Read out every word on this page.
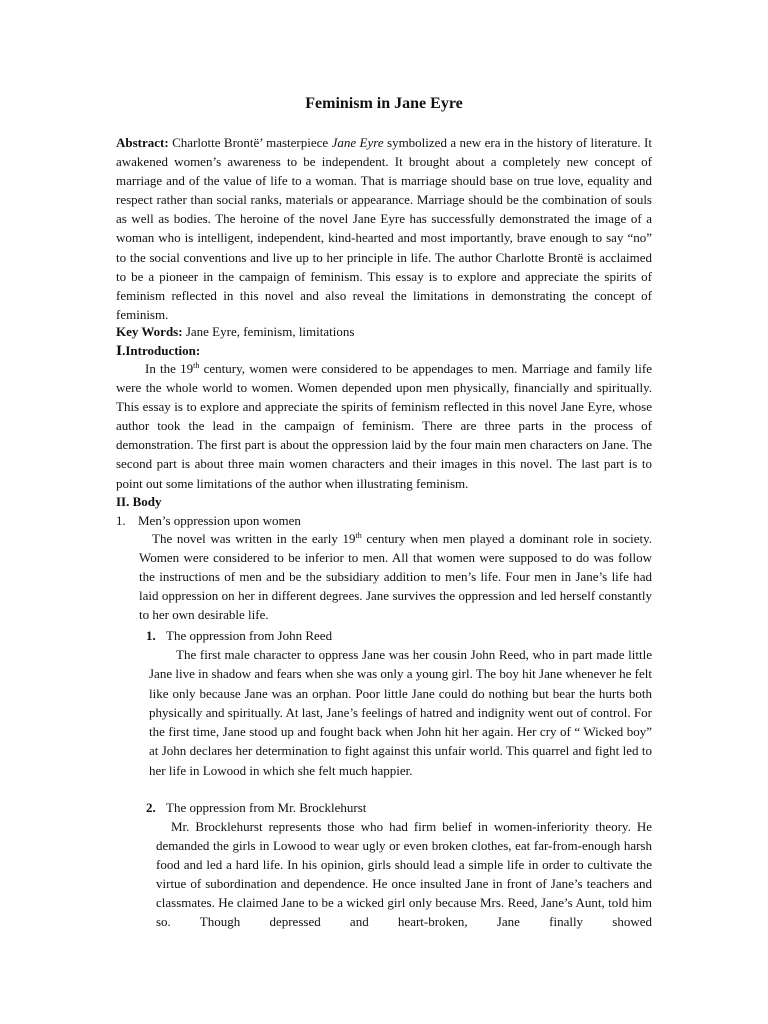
Feminism in Jane Eyre

Abstract: Charlotte Brontë’ masterpiece Jane Eyre symbolized a new era in the history of literature. It awakened women’s awareness to be independent. It brought about a completely new concept of marriage and of the value of life to a woman. That is marriage should base on true love, equality and respect rather than social ranks, materials or appearance. Marriage should be the combination of souls as well as bodies. The heroine of the novel Jane Eyre has successfully demonstrated the image of a woman who is intelligent, independent, kind-hearted and most importantly, brave enough to say “no” to the social conventions and live up to her principle in life. The author Charlotte Brontë is acclaimed to be a pioneer in the campaign of feminism. This essay is to explore and appreciate the spirits of feminism reflected in this novel and also reveal the limitations in demonstrating the concept of feminism.

Key Words: Jane Eyre, feminism, limitations
Ⅰ.Introduction:

In the 19th century, women were considered to be appendages to men. Marriage and family life were the whole world to women. Women depended upon men physically, financially and spiritually. This essay is to explore and appreciate the spirits of feminism reflected in this novel Jane Eyre, whose author took the lead in the campaign of feminism. There are three parts in the process of demonstration. The first part is about the oppression laid by the four main men characters on Jane. The second part is about three main women characters and their images in this novel. The last part is to point out some limitations of the author when illustrating feminism.

II. Body
1. Men’s oppression upon women

The novel was written in the early 19th century when men played a dominant role in society. Women were considered to be inferior to men. All that women were supposed to do was follow the instructions of men and be the subsidiary addition to men’s life. Four men in Jane’s life had laid oppression on her in different degrees. Jane survives the oppression and led herself constantly to her own desirable life.

1. The oppression from John Reed

The first male character to oppress Jane was her cousin John Reed, who in part made little Jane live in shadow and fears when she was only a young girl. The boy hit Jane whenever he felt like only because Jane was an orphan. Poor little Jane could do nothing but bear the hurts both physically and spiritually. At last, Jane’s feelings of hatred and indignity went out of control. For the first time, Jane stood up and fought back when John hit her again. Her cry of “ Wicked boy” at John declares her determination to fight against this unfair world. This quarrel and fight led to her life in Lowood in which she felt much happier.

2. The oppression from Mr. Brocklehurst

Mr. Brocklehurst represents those who had firm belief in women-inferiority theory. He demanded the girls in Lowood to wear ugly or even broken clothes, eat far-from-enough harsh food and led a hard life. In his opinion, girls should lead a simple life in order to cultivate the virtue of subordination and dependence. He once insulted Jane in front of Jane’s teachers and classmates. He claimed Jane to be a wicked girl only because Mrs. Reed, Jane’s Aunt, told him so. Though depressed and heart-broken, Jane finally showed
